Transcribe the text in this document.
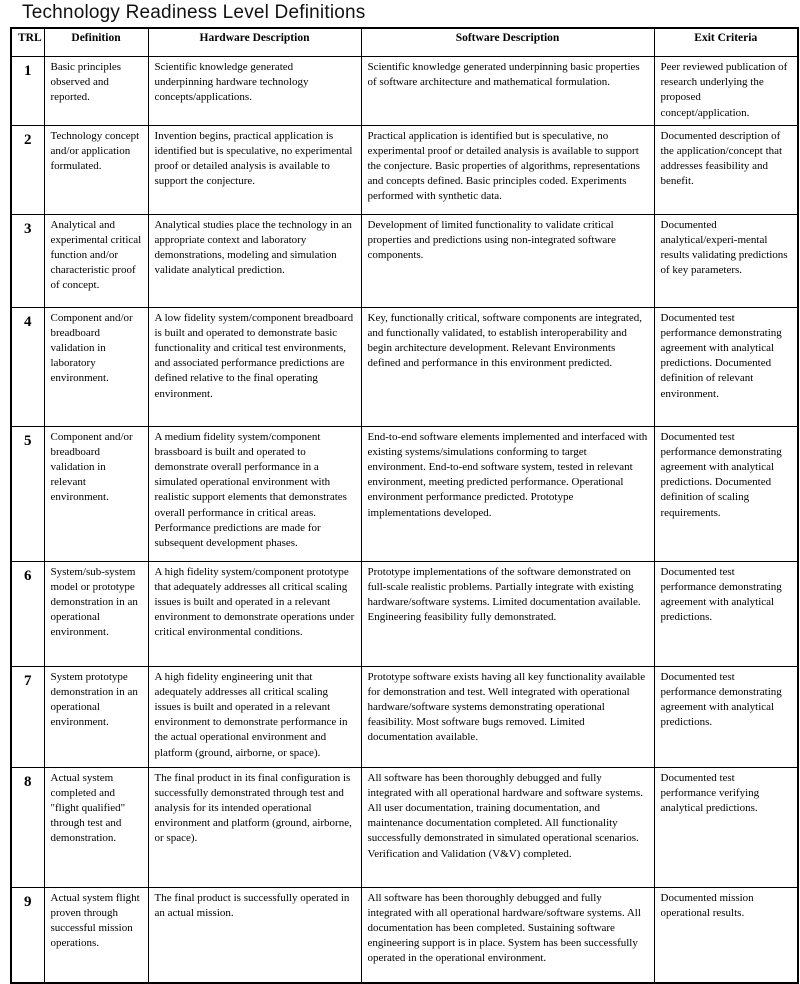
Technology Readiness Level Definitions
TRL	Definition	Hardware Description	Software Description	Exit Criteria
1	Basic principles observed and reported.	Scientific knowledge generated underpinning hardware technology concepts/applications.	Scientific knowledge generated underpinning basic properties of software architecture and mathematical formulation.	Peer reviewed publication of research underlying the proposed concept/application.
2	Technology concept and/or application formulated.	Invention begins, practical application is identified but is speculative, no experimental proof or detailed analysis is available to support the conjecture.	Practical application is identified but is speculative, no experimental proof or detailed analysis is available to support the conjecture. Basic properties of algorithms, representations and concepts defined. Basic principles coded. Experiments performed with synthetic data.	Documented description of the application/concept that addresses feasibility and benefit.
3	Analytical and experimental critical function and/or characteristic proof of concept.	Analytical studies place the technology in an appropriate context and laboratory demonstrations, modeling and simulation validate analytical prediction.	Development of limited functionality to validate critical properties and predictions using non-integrated software components.	Documented analytical/experi-mental results validating predictions of key parameters.
4	Component and/or breadboard validation in laboratory environment.	A low fidelity system/component breadboard is built and operated to demonstrate basic functionality and critical test environments, and associated performance predictions are defined relative to the final operating environment.	Key, functionally critical, software components are integrated, and functionally validated, to establish interoperability and begin architecture development. Relevant Environments defined and performance in this environment predicted.	Documented test performance demonstrating agreement with analytical predictions. Documented definition of relevant environment.
5	Component and/or breadboard validation in relevant environment.	A medium fidelity system/component brassboard is built and operated to demonstrate overall performance in a simulated operational environment with realistic support elements that demonstrates overall performance in critical areas. Performance predictions are made for subsequent development phases.	End-to-end software elements implemented and interfaced with existing systems/simulations conforming to target environment. End-to-end software system, tested in relevant environment, meeting predicted performance. Operational environment performance predicted. Prototype implementations developed.	Documented test performance demonstrating agreement with analytical predictions. Documented definition of scaling requirements.
6	System/sub-system model or prototype demonstration in an operational environment.	A high fidelity system/component prototype that adequately addresses all critical scaling issues is built and operated in a relevant environment to demonstrate operations under critical environmental conditions.	Prototype implementations of the software demonstrated on full-scale realistic problems. Partially integrate with existing hardware/software systems. Limited documentation available. Engineering feasibility fully demonstrated.	Documented test performance demonstrating agreement with analytical predictions.
7	System prototype demonstration in an operational environment.	A high fidelity engineering unit that adequately addresses all critical scaling issues is built and operated in a relevant environment to demonstrate performance in the actual operational environment and platform (ground, airborne, or space).	Prototype software exists having all key functionality available for demonstration and test. Well integrated with operational hardware/software systems demonstrating operational feasibility. Most software bugs removed. Limited documentation available.	Documented test performance demonstrating agreement with analytical predictions.
8	Actual system completed and "flight qualified" through test and demonstration.	The final product in its final configuration is successfully demonstrated through test and analysis for its intended operational environment and platform (ground, airborne, or space).	All software has been thoroughly debugged and fully integrated with all operational hardware and software systems. All user documentation, training documentation, and maintenance documentation completed. All functionality successfully demonstrated in simulated operational scenarios. Verification and Validation (V&V) completed.	Documented test performance verifying analytical predictions.
9	Actual system flight proven through successful mission operations.	The final product is successfully operated in an actual mission.	All software has been thoroughly debugged and fully integrated with all operational hardware/software systems. All documentation has been completed. Sustaining software engineering support is in place. System has been successfully operated in the operational environment.	Documented mission operational results.
